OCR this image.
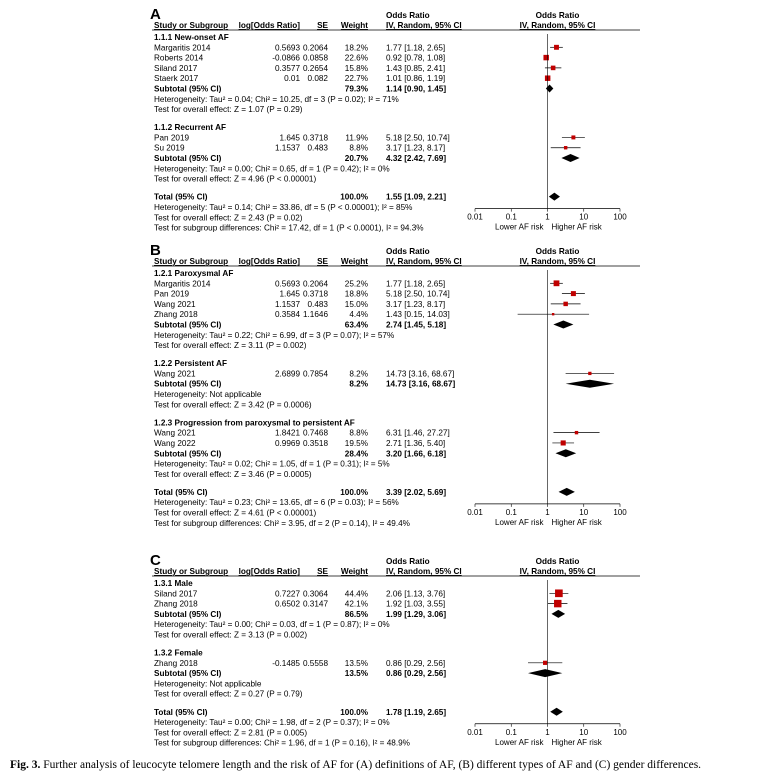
A	Odds Ratio
Study or Subgroup log[Odds Ratio] SE Weight IV, Random, 95% CI
Odds Ratio
IV, Random, 95% CI
1.1.1 New-onset AF
Margaritis 2014	0.5693 0.2064 18.2% 1.77 [1.18, 2.65]
Roberts 2014	-0.0866 0.0858 22.6% 0.92 [0.78, 1.08]
Siland 2017	0.3577 0.2654 15.8% 1.43 [0.85, 2.41]
Staerk 2017	0.01 0.082 22.7% 1.01 [0.86, 1.19]
Subtotal (95% CI)	79.3% 1.14 [0.90, 1.45]
Heterogeneity: Tau² = 0.04; Chi² = 10.25, df = 3 (P = 0.02); I² = 71%
Test for overall effect: Z = 1.07 (P = 0.29)
1.1.2 Recurrent AF
Pan 2019	1.645 0.3718 11.9% 5.18 [2.50, 10.74]
Su 2019	1.1537 0.483	8.8% 3.17 [1.23, 8.17]
Subtotal (95% CI)	20.7% 4.32 [2.42, 7.69]
Heterogeneity: Tau² = 0.00; Chi² = 0.65, df = 1 (P = 0.42); I² = 0%
Test for overall effect: Z = 4.96 (P < 0.00001)
Total (95% CI)	100.0% 1.55 [1.09, 2.21]
Heterogeneity: Tau² = 0.14; Chi² = 33.86, df = 5 (P < 0.00001); I² = 85%
Test for overall effect: Z = 2.43 (P = 0.02)
Test for subgroup differences: Chi² = 17.42, df = 1 (P < 0.0001), I² = 94.3%
0.01	0.1	1	10	100
Lower AF risk Higher AF risk
B	Odds Ratio
Study or Subgroup log[Odds Ratio] SE Weight IV, Random, 95% CI
Odds Ratio
IV, Random, 95% CI
1.2.1 Paroxysmal AF
Margaritis 2014	0.5693 0.2064 25.2% 1.77 [1.18, 2.65]
Pan 2019	1.645 0.3718 18.8% 5.18 [2.50, 10.74]
Wang 2021	1.1537 0.483 15.0% 3.17 [1.23, 8.17]
Zhang 2018	0.3584 1.1646	4.4% 1.43 [0.15, 14.03]
Subtotal (95% CI)	63.4% 2.74 [1.45, 5.18]
Heterogeneity: Tau² = 0.22; Chi² = 6.99, df = 3 (P = 0.07); I² = 57%
Test for overall effect: Z = 3.11 (P = 0.002)
1.2.2 Persistent AF
Wang 2021	2.6899 0.7854	8.2% 14.73 [3.16, 68.67]
Subtotal (95% CI)	8.2% 14.73 [3.16, 68.67]
Heterogeneity: Not applicable
Test for overall effect: Z = 3.42 (P = 0.0006)
1.2.3 Progression from paroxysmal to persistent AF
Wang 2021	1.8421 0.7468	8.8% 6.31 [1.46, 27.27]
Wang 2022	0.9969 0.3518 19.5% 2.71 [1.36, 5.40]
Subtotal (95% CI)	28.4% 3.20 [1.66, 6.18]
Heterogeneity: Tau² = 0.02; Chi² = 1.05, df = 1 (P = 0.31); I² = 5%
Test for overall effect: Z = 3.46 (P = 0.0005)
Total (95% CI)	100.0% 3.39 [2.02, 5.69]
Heterogeneity: Tau² = 0.23; Chi² = 13.65, df = 6 (P = 0.03); I² = 56%
Test for overall effect: Z = 4.61 (P < 0.00001)
Test for subgroup differences: Chi² = 3.95, df = 2 (P = 0.14), I² = 49.4%
0.01	0.1	1	10	100
Lower AF risk Higher AF risk
C	Odds Ratio
Study or Subgroup log[Odds Ratio] SE Weight IV, Random, 95% CI
Odds Ratio
IV, Random, 95% CI
1.3.1 Male
Siland 2017	0.7227 0.3064 44.4% 2.06 [1.13, 3.76]
Zhang 2018	0.6502 0.3147 42.1% 1.92 [1.03, 3.55]
Subtotal (95% CI)	86.5% 1.99 [1.29, 3.06]
Heterogeneity: Tau² = 0.00; Chi² = 0.03, df = 1 (P = 0.87); I² = 0%
Test for overall effect: Z = 3.13 (P = 0.002)
1.3.2 Female
Zhang 2018	-0.1485 0.5558 13.5% 0.86 [0.29, 2.56]
Subtotal (95% CI)	13.5% 0.86 [0.29, 2.56]
Heterogeneity: Not applicable
Test for overall effect: Z = 0.27 (P = 0.79)
Total (95% CI)	100.0% 1.78 [1.19, 2.65]
Heterogeneity: Tau² = 0.00; Chi² = 1.98, df = 2 (P = 0.37); I² = 0%
Test for overall effect: Z = 2.81 (P = 0.005)
Test for subgroup differences: Chi² = 1.96, df = 1 (P = 0.16), I² = 48.9%
0.01	0.1	1	10	100
Lower AF risk Higher AF risk
Fig. 3. Further analysis of leucocyte telomere length and the risk of AF for (A) definitions of AF, (B) different types of AF and (C) gender differences.
